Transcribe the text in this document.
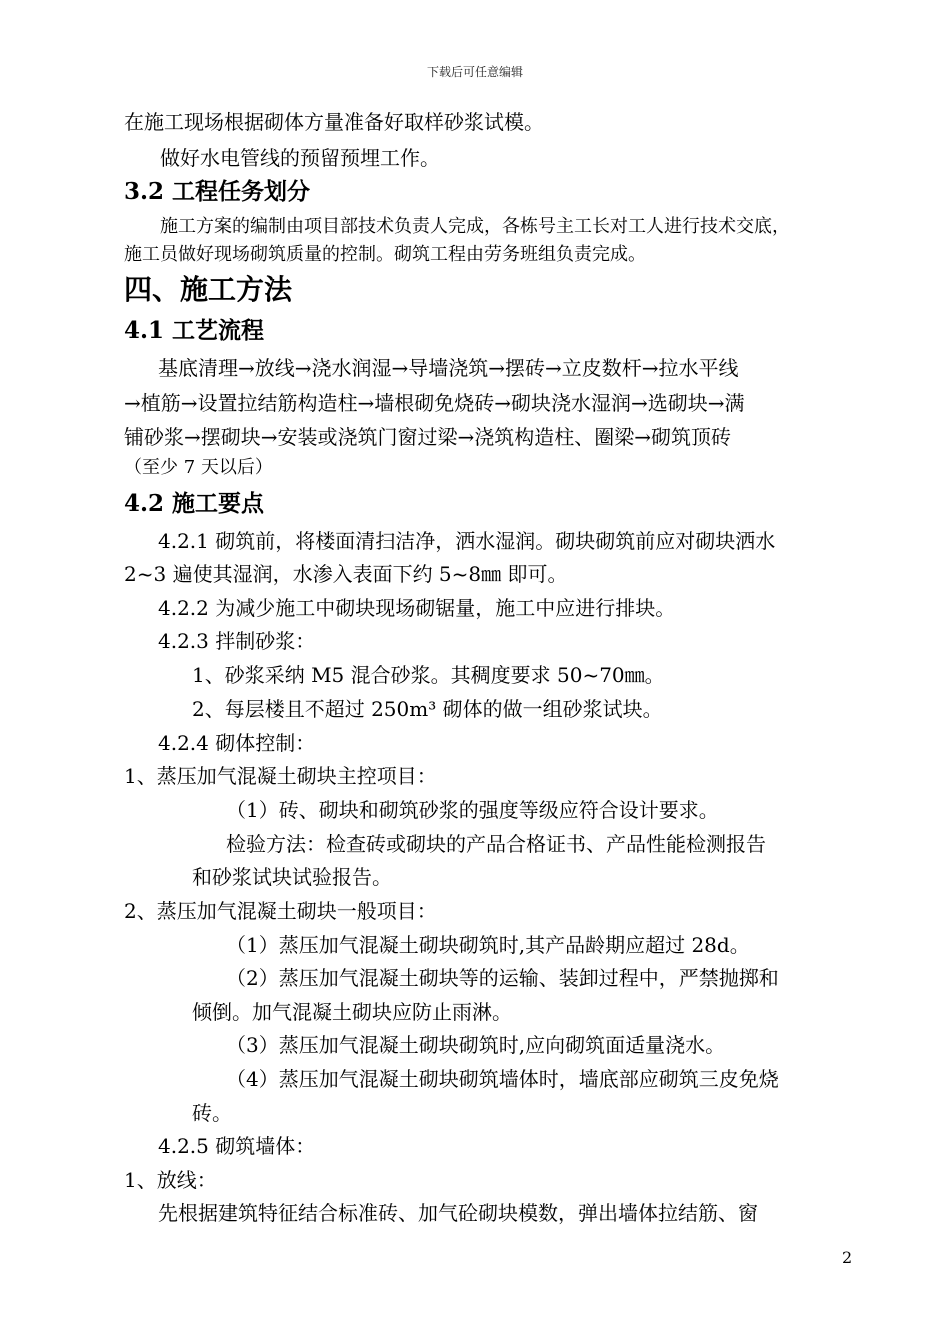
下载后可任意编辑
在施工现场根据砌体方量准备好取样砂浆试模。
做好水电管线的预留预埋工作。
3.2 工程任务划分
施工方案的编制由项目部技术负责人完成，各栋号主工长对工人进行技术交底，
施工员做好现场砌筑质量的控制。砌筑工程由劳务班组负责完成。
四、施工方法
4.1 工艺流程
基底清理→放线→浇水润湿→导墙浇筑→摆砖→立皮数杆→拉水平线
→植筋→设置拉结筋构造柱→墙根砌免烧砖→砌块浇水湿润→选砌块→满
铺砂浆→摆砌块→安装或浇筑门窗过梁→浇筑构造柱、圈梁→砌筑顶砖
（至少 7 天以后）
4.2 施工要点
4.2.1 砌筑前，将楼面清扫洁净，洒水湿润。砌块砌筑前应对砌块洒水
2~3 遍使其湿润，水渗入表面下约 5~8㎜ 即可。
4.2.2 为减少施工中砌块现场砌锯量，施工中应进行排块。
4.2.3 拌制砂浆：
1、砂浆采纳 M5 混合砂浆。其稠度要求 50~70㎜。
2、每层楼且不超过 250m³ 砌体的做一组砂浆试块。
4.2.4 砌体控制：
1、蒸压加气混凝土砌块主控项目：
（1）砖、砌块和砌筑砂浆的强度等级应符合设计要求。
检验方法：检查砖或砌块的产品合格证书、产品性能检测报告
和砂浆试块试验报告。
2、蒸压加气混凝土砌块一般项目：
（1）蒸压加气混凝土砌块砌筑时,其产品龄期应超过 28d。
（2）蒸压加气混凝土砌块等的运输、装卸过程中，严禁抛掷和
倾倒。加气混凝土砌块应防止雨淋。
（3）蒸压加气混凝土砌块砌筑时,应向砌筑面适量浇水。
（4）蒸压加气混凝土砌块砌筑墙体时，墙底部应砌筑三皮免烧
砖。
4.2.5 砌筑墙体：
1、放线：
先根据建筑特征结合标准砖、加气砼砌块模数，弹出墙体拉结筋、窗
2
